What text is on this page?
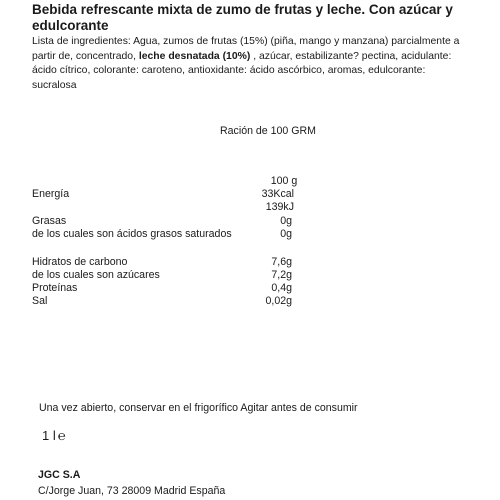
Bebida refrescante mixta de zumo de frutas y leche. Con azúcar y edulcorante

Lista de ingredientes: Agua, zumos de frutas (15%) (piña, mango y manzana) parcialmente a partir de, concentrado, leche desnatada (10%) , azúcar, estabilizante? pectina, acidulante: ácido cítrico, colorante: caroteno, antioxidante: ácido ascórbico, aromas, edulcorante: sucralosa

Ración de 100 GRM

100 g

Energía	33Kcal
139kJ
Grasas	0g
de los cuales son ácidos grasos saturados	0g
Hidratos de carbono	7,6g
de los cuales son azúcares	7,2g
Proteínas	0,4g
Sal	0,02g

Una vez abierto, conservar en el frigorífico Agitar antes de consumir

1 l ℮

JGC S.A

C/Jorge Juan, 73 28009 Madrid España
